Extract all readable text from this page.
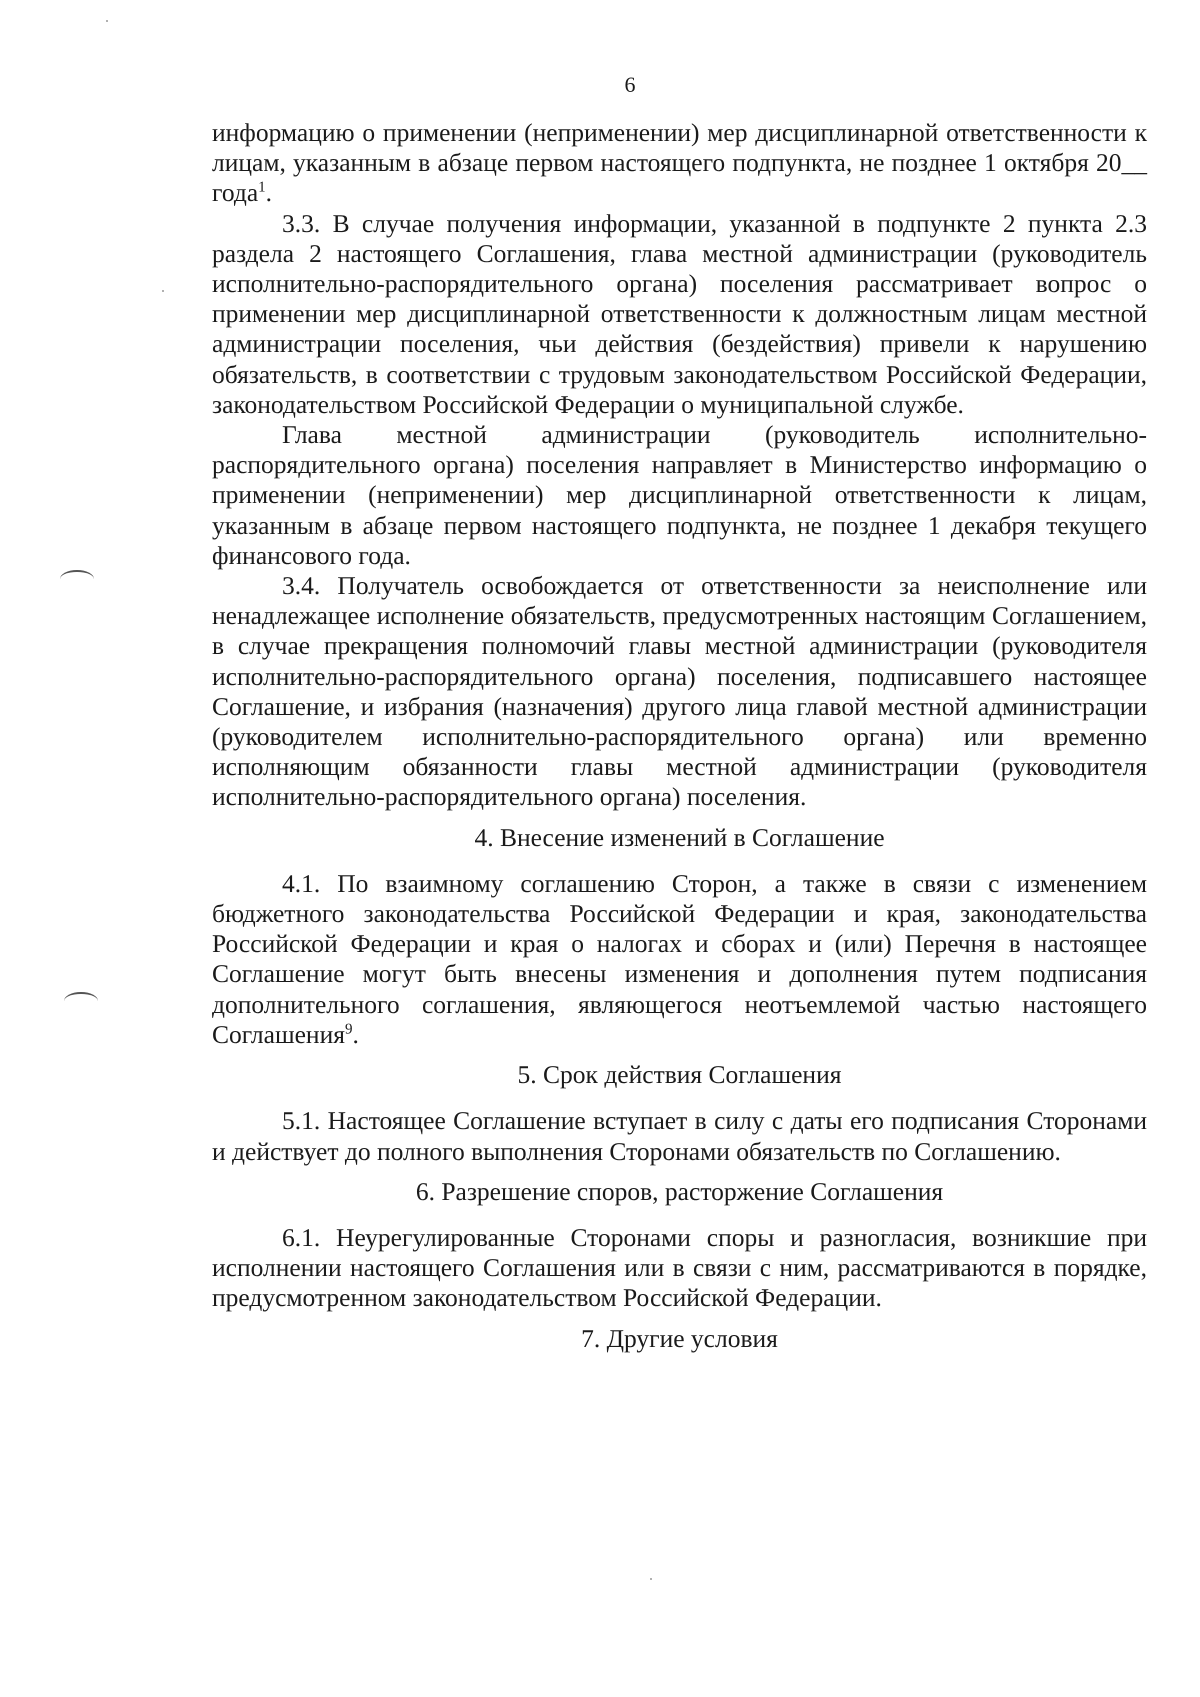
6

информацию о применении (неприменении) мер дисциплинарной ответственности к лицам, указанным в абзаце первом настоящего подпункта, не позднее 1 октября 20__ года$^1$.

3.3. В случае получения информации, указанной в подпункте 2 пункта 2.3 раздела 2 настоящего Соглашения, глава местной администрации (руководитель исполнительно-распорядительного органа) поселения рассматривает вопрос о применении мер дисциплинарной ответственности к должностным лицам местной администрации поселения, чьи действия (бездействия) привели к нарушению обязательств, в соответствии с трудовым законодательством Российской Федерации, законодательством Российской Федерации о муниципальной службе.

Глава местной администрации (руководитель исполнительно-распорядительного органа) поселения направляет в Министерство информацию о применении (неприменении) мер дисциплинарной ответственности к лицам, указанным в абзаце первом настоящего подпункта, не позднее 1 декабря текущего финансового года.

3.4. Получатель освобождается от ответственности за неисполнение или ненадлежащее исполнение обязательств, предусмотренных настоящим Соглашением, в случае прекращения полномочий главы местной администрации (руководителя исполнительно-распорядительного органа) поселения, подписавшего настоящее Соглашение, и избрания (назначения) другого лица главой местной администрации (руководителем исполнительно-распорядительного органа) или временно исполняющим обязанности главы местной администрации (руководителя исполнительно-распорядительного органа) поселения.

4. Внесение изменений в Соглашение

4.1. По взаимному соглашению Сторон, а также в связи с изменением бюджетного законодательства Российской Федерации и края, законодательства Российской Федерации и края о налогах и сборах и (или) Перечня в настоящее Соглашение могут быть внесены изменения и дополнения путем подписания дополнительного соглашения, являющегося неотъемлемой частью настоящего Соглашения$^9$.

5. Срок действия Соглашения

5.1. Настоящее Соглашение вступает в силу с даты его подписания Сторонами и действует до полного выполнения Сторонами обязательств по Соглашению.

6. Разрешение споров, расторжение Соглашения

6.1. Неурегулированные Сторонами споры и разногласия, возникшие при исполнении настоящего Соглашения или в связи с ним, рассматриваются в порядке, предусмотренном законодательством Российской Федерации.

7. Другие условия
